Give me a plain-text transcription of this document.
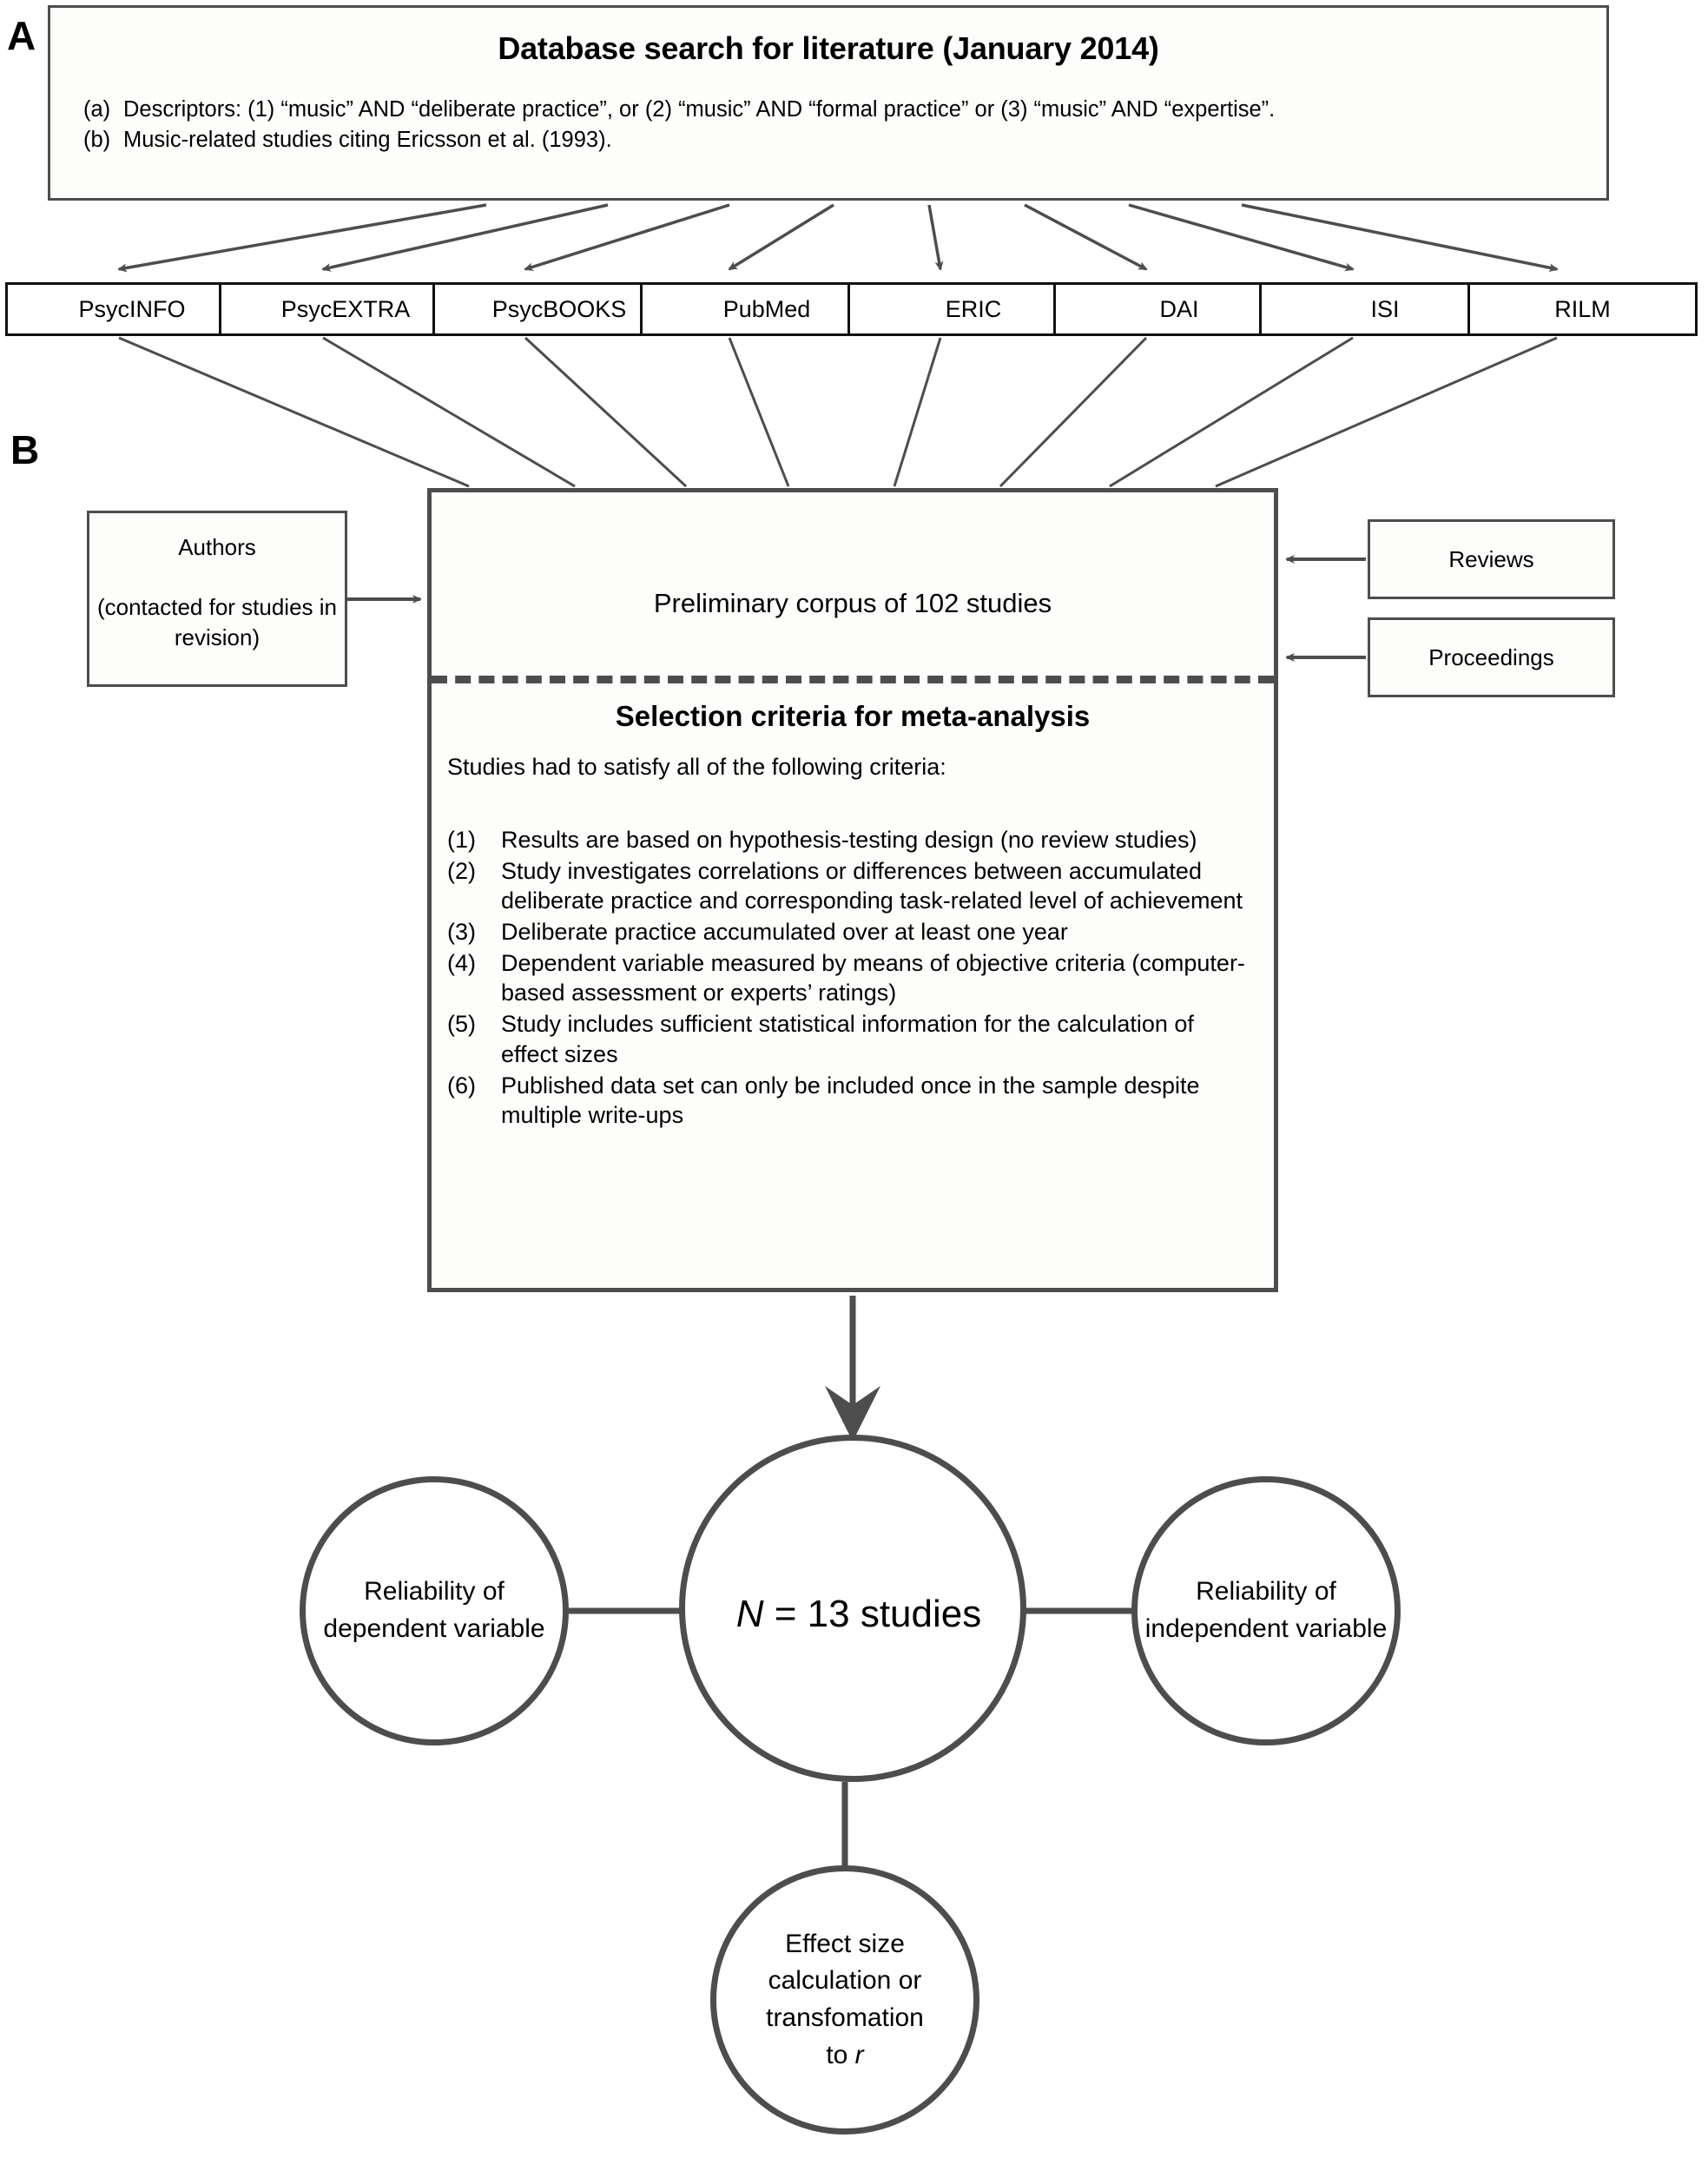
A
B
Database search for literature (January 2014)
(a) Descriptors: (1) “music” AND “deliberate practice”, or (2) “music” AND “formal practice” or (3) “music” AND “expertise”.
(b) Music-related studies citing Ericsson et al. (1993).
PsycINFO	PsycEXTRA	PsycBOOKS	PubMed	ERIC	DAI	ISI	RILM
Authors
(contacted for studies in revision)
Reviews
Proceedings
Preliminary corpus of 102 studies
Selection criteria for meta-analysis
Studies had to satisfy all of the following criteria:
(1)	Results are based on hypothesis-testing design (no review studies)
(2)	Study investigates correlations or differences between accumulated deliberate practice and corresponding task-related level of achievement
(3)	Deliberate practice accumulated over at least one year
(4)	Dependent variable measured by means of objective criteria (computer-based assessment or experts’ ratings)
(5)	Study includes sufficient statistical information for the calculation of effect sizes
(6)	Published data set can only be included once in the sample despite multiple write-ups
Reliability of dependent variable
Reliability of independent variable
N
= 13 studies
Effect size
calculation or
transfomation
to r
